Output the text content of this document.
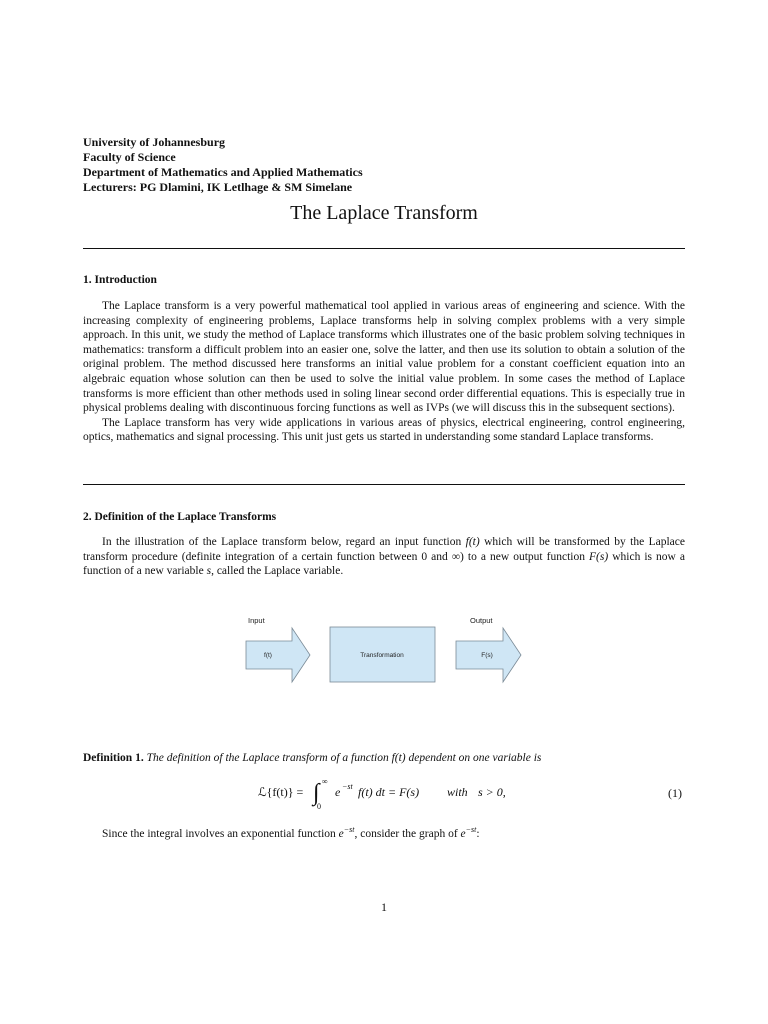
University of Johannesburg
Faculty of Science
Department of Mathematics and Applied Mathematics
Lecturers: PG Dlamini, IK Letlhage & SM Simelane
The Laplace Transform
1. Introduction

The Laplace transform is a very powerful mathematical tool applied in various areas of engineering and science. With the increasing complexity of engineering problems, Laplace transforms help in solving complex problems with a very simple approach. In this unit, we study the method of Laplace transforms which illustrates one of the basic problem solving techniques in mathematics: transform a difficult problem into an easier one, solve the latter, and then use its solution to obtain a solution of the original problem. The method discussed here transforms an initial value problem for a constant coefficient equation into an algebraic equation whose solution can then be used to solve the initial value problem. In some cases the method of Laplace transforms is more efficient than other methods used in soling linear second order differential equations. This is especially true in physical problems dealing with discontinuous forcing functions as well as IVPs (we will discuss this in the subsequent sections).

The Laplace transform has very wide applications in various areas of physics, electrical engineering, control engineering, optics, mathematics and signal processing. This unit just gets us started in understanding some standard Laplace transforms.

2. Definition of the Laplace Transforms

In the illustration of the Laplace transform below, regard an input function f(t) which will be transformed by the Laplace transform procedure (definite integration of a certain function between 0 and ∞) to a new output function F(s) which is now a function of a new variable s, called the Laplace variable.

Input
f(t)	Transformation
Output
F(s)
Definition 1. The definition of the Laplace transform of a function f(t) dependent on one variable is
ℒ{f(t)} = ∫ ∞
0
e −st f(t) dt = F(s) with s > 0,	(1)
Since the integral involves an exponential function $e^{-st}$, consider the graph of $e^{-st}$:
1
